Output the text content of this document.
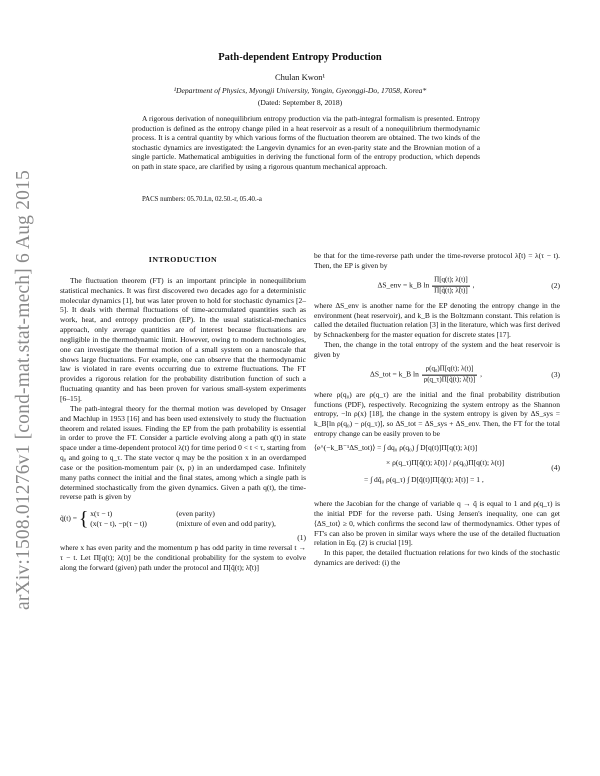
arXiv:1508.01276v1 [cond-mat.stat-mech] 6 Aug 2015
Path-dependent Entropy Production
Chulan Kwon¹
¹Department of Physics, Myongji University, Yongin, Gyeonggi-Do, 17058, Korea*
(Dated: September 8, 2018)
A rigorous derivation of nonequilibrium entropy production via the path-integral formalism is presented. Entropy production is defined as the entropy change piled in a heat reservoir as a result of a nonequilibrium thermodynamic process. It is a central quantity by which various forms of the fluctuation theorem are obtained. The two kinds of the stochastic dynamics are investigated: the Langevin dynamics for an even-parity state and the Brownian motion of a single particle. Mathematical ambiguities in deriving the functional form of the entropy production, which depends on path in state space, are clarified by using a rigorous quantum mechanical approach.
PACS numbers: 05.70.Ln, 02.50.-r, 05.40.-a
INTRODUCTION

The fluctuation theorem (FT) is an important principle in nonequilibrium statistical mechanics. It was first discovered two decades ago for a deterministic molecular dynamics [1], but was later proven to hold for stochastic dynamics [2–5]. It deals with thermal fluctuations of time-accumulated quantities such as work, heat, and entropy production (EP). In the usual statistical-mechanics approach, only average quantities are of interest because fluctuations are negligible in the thermodynamic limit. However, owing to modern technologies, one can investigate the thermal motion of a small system on a nanoscale that shows large fluctuations. For example, one can observe that the thermodynamic law is violated in rare events occurring due to extreme fluctuations. The FT provides a rigorous relation for the probability distribution function of such a fluctuating quantity and has been proven for various small-system experiments [6–15].

The path-integral theory for the thermal motion was developed by Onsager and Machlup in 1953 [16] and has been used extensively to study the fluctuation theorem and related issues. Finding the EP from the path probability is essential in order to prove the FT. Consider a particle evolving along a path q(t) in state space under a time-dependent protocol λ(t) for time period 0 < t < τ, starting from q₀ and going to q_τ. The state vector q may be the position x in an overdamped case or the position-momentum pair (x, p) in an underdamped case. Infinitely many paths connect the initial and the final states, among which a single path is determined stochastically from the given dynamics. Given a path q(t), the time-reverse path is given by

q̃(t) = { x(τ − t)	(even parity)
(x(τ − t), −p(τ − t))	(mixture of even and odd parity),
(1)

where x has even parity and the momentum p has odd parity in time reversal t → τ − t. Let Π[q(t); λ(t)] be the conditional probability for the system to evolve along the forward (given) path under the protocol and Π[q̃(t); λ̃(t)]

be that for the time-reverse path under the time-reverse protocol λ̃(t) = λ(τ − t). Then, the EP is given by

ΔS_env = k_B $\ln \frac{\Pi[q(t); \lambda(t)]}{\Pi[q̃(t); \lambdã(t)]}$ ,	(2)

where ΔS_env is another name for the EP denoting the entropy change in the environment (heat reservoir), and k_B is the Boltzmann constant. This relation is called the detailed fluctuation relation [3] in the literature, which was first derived by Schnackenberg for the master equation for discrete states [17].

Then, the change in the total entropy of the system and the heat reservoir is given by

ΔS_tot = k_B $\ln \frac{\text{ρ(q₀)Π[q(t); λ(t)]}}{\rho(q\_\tau)\Pi[q̃(t); \lambdã(t)]}$ ,	(3)

where ρ(q₀) are ρ(q_τ) are the initial and the final probability distribution functions (PDF), respectively. Recognizing the system entropy as the Shannon entropy, −ln ρ(x) [18], the change in the system entropy is given by ΔS_sys = k_B[ln ρ(q₀) − ρ(q_τ)], so ΔS_tot = ΔS_sys + ΔS_env. Then, the FT for the total entropy change can be easily proven to be

⟨e^(−k_B⁻¹ΔS_tot)⟩ = ∫ dq₀ ρ(q₀) ∫ D[q(t)]Π[q(t); λ(t)]
× ρ(q_τ)Π[q̃(t); λ̃(t)] / ρ(q₀)Π[q(t); λ(t)]
= ∫ dq̃₀ ρ(q_τ) ∫ D[q̃(t)]Π[q̃(t); λ̃(t)] = 1 ,
(4)

where the Jacobian for the change of variable q → q̃ is equal to 1 and ρ(q_τ) is the initial PDF for the reverse path. Using Jensen's inequality, one can get ⟨ΔS_tot⟩ ≥ 0, which confirms the second law of thermodynamics. Other types of FT's can also be proven in similar ways where the use of the detailed fluctuation relation in Eq. (2) is crucial [19].

In this paper, the detailed fluctuation relations for two kinds of the stochastic dynamics are derived: (i) the
